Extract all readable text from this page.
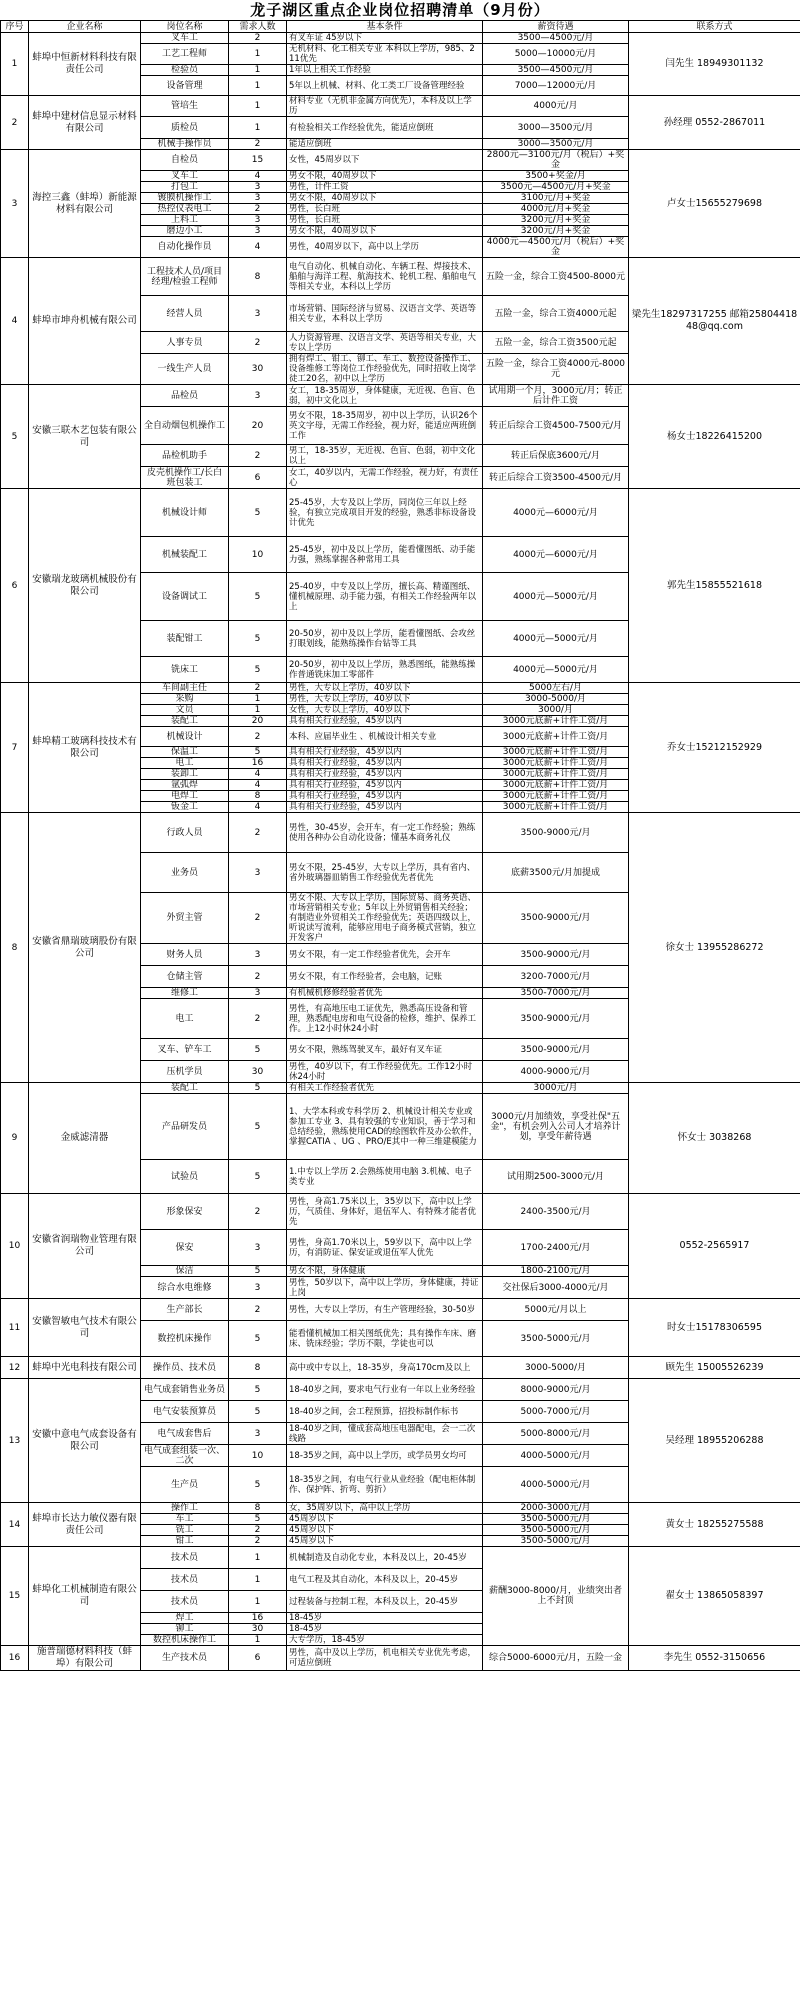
龙子湖区重点企业岗位招聘清单（9月份）
序号	企业名称	岗位名称	需求人数	基本条件	薪资待遇	联系方式
1	蚌埠中恒新材料科技有限责任公司	叉车工	2	有叉车证 45岁以下	3500—4500元/月	闫先生 18949301132
		工艺工程师	1	无机材料、化工相关专业 本科以上学历，985、211优先	5000—10000元/月	
		检验员	1	1年以上相关工作经验	3500—4500元/月	
		设备管理	1	5年以上机械、材料、化工类工厂设备管理经验	7000—12000元/月	
2	蚌埠中建材信息显示材料有限公司	管培生	1	材料专业（无机非金属方向优先），本科及以上学历	4000元/月	孙经理 0552-2867011
		质检员	1	有检验相关工作经验优先，能适应倒班	3000—3500元/月	
		机械手操作员	2	能适应倒班	3000—3500元/月	
3	海控三鑫（蚌埠）新能源材料有限公司	自检员	15	女性，45周岁以下	2800元—3100元/月（税后）+奖金	卢女士15655279698
		叉车工	4	男女不限，40周岁以下	3500+奖金/月	
		打包工	3	男性，计件工资	3500元—4500元/月+奖金	
		镀膜机操作工	3	男女不限，40周岁以下	3100元/月+奖金	
		热控仪表电工	2	男性，长白班	4000元/月+奖金	
		上料工	3	男性，长白班	3200元/月+奖金	
		磨边小工	3	男女不限，40周岁以下	3200元/月+奖金	
		自动化操作员	4	男性，40周岁以下，高中以上学历	4000元—4500元/月（税后）+奖金	
4	蚌埠市坤舟机械有限公司	工程技术人员/项目经理/检验工程师	8	电气自动化、机械自动化、车辆工程、焊接技术、船舶与海洋工程、航海技术、轮机工程、船舶电气等相关专业，本科以上学历	五险一金，综合工资4500-8000元	梁先生18297317255 邮箱2580441848@qq.com
		经营人员	3	市场营销、国际经济与贸易、汉语言文学、英语等相关专业，本科以上学历	五险一金，综合工资4000元起	
		人事专员	2	人力资源管理、汉语言文学、英语等相关专业，大专以上学历	五险一金，综合工资3500元起	
		一线生产人员	30	拥有焊工、钳工、铆工、车工、数控设备操作工、设备维修工等岗位工作经验优先，同时招收上岗学徒工20名，初中以上学历	五险一金，综合工资4000元-8000元	
5	安徽三联木艺包装有限公司	品检员	3	女工，18-35周岁，身体健康，无近视、色盲、色弱，初中文化以上	试用期一个月，3000元/月；转正后计件工资	杨女士18226415200
		全自动烟包机操作工	20	男女不限，18-35周岁，初中以上学历，认识26个英文字母，无需工作经验，视力好，能适应两班倒工作	转正后综合工资4500-7500元/月	
		品检机助手	2	男工，18-35岁，无近视、色盲、色弱，初中文化以上	转正后保底3600元/月	
		皮壳机操作工/长白班包装工	6	女工，40岁以内，无需工作经验，视力好，有责任心	转正后综合工资3500-4500元/月	
6	安徽瑞龙玻璃机械股份有限公司	机械设计师	5	25-45岁，大专及以上学历，同岗位三年以上经验，有独立完成项目开发的经验，熟悉非标设备设计优先	4000元—6000元/月	郭先生15855521618
		机械装配工	10	25-45岁，初中及以上学历，能看懂图纸、动手能力强，熟练掌握各种常用工具	4000元—6000元/月	
		设备调试工	5	25-40岁，中专及以上学历，擅长高、精谨图纸、懂机械原理、动手能力强，有相关工作经验两年以上	4000元—5000元/月	
		装配钳工	5	20-50岁，初中及以上学历，能看懂图纸、会攻丝打眼划线，能熟练操作台钻等工具	4000元—5000元/月	
		铣床工	5	20-50岁，初中及以上学历，熟悉图纸，能熟练操作普通铣床加工零部件	4000元—5000元/月	
7	蚌埠精工玻璃科技技术有限公司	车间副主任	2	男性，大专以上学历，40岁以下	5000左右/月	乔女士15212152929
		采购	1	男性，大专以上学历，40岁以下	3000-5000/月	
		文员	1	女性，大专以上学历，40岁以下	3000/月	
		装配工	20	具有相关行业经验，45岁以内	3000元底薪+计件工资/月	
		机械设计	2	本科、应届毕业生 、机械设计相关专业	3000元底薪+计件工资/月	
		保温工	5	具有相关行业经验，45岁以内	3000元底薪+计件工资/月	
		电工	16	具有相关行业经验，45岁以内	3000元底薪+计件工资/月	
		装卸工	4	具有相关行业经验，45岁以内	3000元底薪+计件工资/月	
		氩弧焊	4	具有相关行业经验，45岁以内	3000元底薪+计件工资/月	
		电焊工	8	具有相关行业经验，45岁以内	3000元底薪+计件工资/月	
		钣金工	4	具有相关行业经验，45岁以内	3000元底薪+计件工资/月	
8	安徽省鼎瑞玻璃股份有限公司	行政人员	2	男性，30-45岁，会开车，有一定工作经验；熟练使用各种办公自动化设备；懂基本商务礼仪	3500-9000元/月	徐女士 13955286272
		业务员	3	男女不限，25-45岁，大专以上学历，具有省内、省外玻璃器皿销售工作经验优先者优先	底薪3500元/月加提成	
		外贸主管	2	男女不限、大专以上学历，国际贸易、商务英语、市场营销相关专业；5年以上外贸销售相关经验；有制造业外贸相关工作经验优先；英语四级以上，听说读写流利，能够应用电子商务模式营销，独立开发客户	3500-9000元/月	
		财务人员	3	男女不限，有一定工作经验者优先，会开车	3500-9000元/月	
		仓储主管	2	男女不限，有工作经验者，会电脑，记账	3200-7000元/月	
		维修工	3	有机械机修修经验者优先	3500-7000元/月	
		电工	2	男性，有高地压电工证优先，熟悉高压设备和管理，熟悉配电房和电气设备的检修，维护、保养工作。上12小时休24小时	3500-9000元/月	
		叉车、铲车工	5	男女不限，熟练驾驶叉车，最好有叉车证	3500-9000元/月	
		压机学员	30	男性，40岁以下，有工作经验优先。工作12小时休24小时	4000-9000元/月	
9	金威滤清器	装配工	5	有相关工作经验者优先	3000元/月	怀女士 3038268
		产品研发员	5	1、大学本科或专科学历 2、机械设计相关专业或参加工专业 3、具有较强的专业知识，善于学习和总结经验，熟练使用CAD的绘图软件及办公软件，掌握CATIA 、UG 、PRO/E其中一种三维建模能力	3000元/月加绩效，享受社保"五金"，有机会列入公司人才培养计划，享受年薪待遇	
		试验员	5	1.中专以上学历 2.会熟练使用电脑 3.机械、电子类专业	试用期2500-3000元/月	
10	安徽省润瑞物业管理有限公司	形象保安	2	男性，身高1.75米以上，35岁以下，高中以上学历，气质佳、身体好，退伍军人、有特殊才能者优先	2400-3500元/月	0552-2565917
		保安	3	男性，身高1.70米以上，59岁以下，高中以上学历，有消防证、保安证或退伍军人优先	1700-2400元/月	
		保洁	5	男女不限，身体健康	1800-2100元/月	
		综合水电维修	3	男性，50岁以下，高中以上学历，身体健康，持证上岗	交社保后3000-4000元/月	
11	安徽智敏电气技术有限公司	生产部长	2	男性，大专以上学历，有生产管理经验，30-50岁	5000元/月以上	时女士15178306595
		数控机床操作	5	能看懂机械加工相关图纸优先；具有操作车床、磨床、铣床经验；学历不限，学徒也可以	3500-5000元/月	
12	蚌埠中光电科技有限公司	操作员、技术员	8	高中或中专以上，18-35岁，身高170cm及以上	3000-5000/月	顾先生 15005526239
13	安徽中意电气成套设备有限公司	电气成套销售业务员	5	18-40岁之间，要求电气行业有一年以上业务经验	8000-9000元/月	吴经理 18955206288
		电气安装预算员	5	18-40岁之间，会工程预算，招投标制作标书	5000-7000元/月	
		电气成套售后	3	18-40岁之间，懂成套高地压电器配电，会一二次线路	5000-8000元/月	
		电气成套组装一次、二次	10	18-35岁之间，高中以上学历，或学员男女均可	4000-5000元/月	
		生产员	5	18-35岁之间，有电气行业从业经验（配电柜体制作、保护阵、折弯、剪折）	4000-5000元/月	
14	蚌埠市长达力敏仪器有限责任公司	操作工	8	女，35周岁以下，高中以上学历	2000-3000元/月	黄女士 18255275588
		车工	5	45周岁以下	3500-5000元/月	
		铣工	2	45周岁以下	3500-5000元/月	
		钳工	2	45周岁以下	3500-5000元/月	
15	蚌埠化工机械制造有限公司	技术员	1	机械制造及自动化专业，本科及以上，20-45岁	薪酬3000-8000/月，业绩突出者上不封顶	翟女士 13865058397
		技术员	1	电气工程及其自动化，本科及以上，20-45岁		
		技术员	1	过程装备与控制工程，本科及以上，20-45岁		
		焊工	16	18-45岁		
		铆工	30	18-45岁		
		数控机床操作工	1	大专学历，18-45岁		
16	施普瑞德材料科技（蚌埠）有限公司	生产技术员	6	男性，高中及以上学历，机电相关专业优先考虑，可适应倒班	综合5000-6000元/月，五险一金	李先生 0552-3150656
